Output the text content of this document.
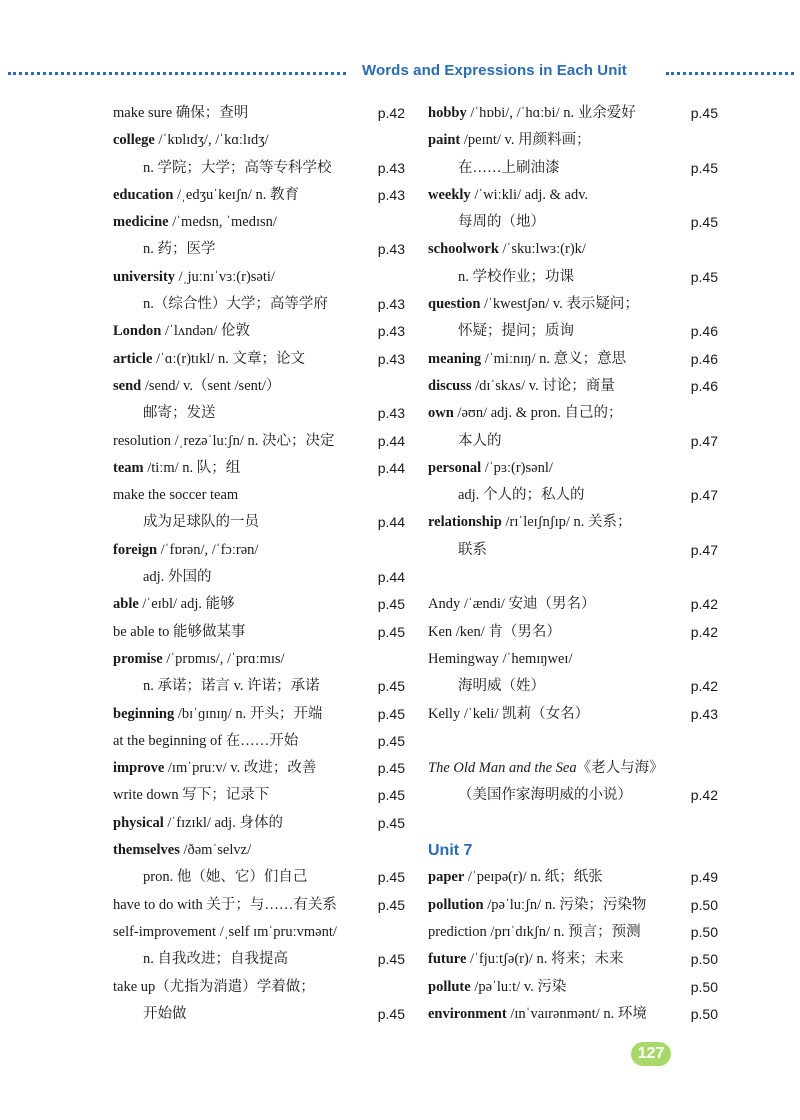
Words and Expressions in Each Unit
make sure 确保；查明	p.42
college /ˈkɒlɪdʒ/, /ˈkɑːlɪdʒ/
n. 学院；大学；高等专科学校	p.43
education /ˌedʒuˈkeɪʃn/ n. 教育	p.43
medicine /ˈmedsn, ˈmedɪsn/
n. 药；医学	p.43
university /ˌjuːnɪˈvɜː(r)səti/
n.（综合性）大学；高等学府	p.43
London /ˈlʌndən/ 伦敦	p.43
article /ˈɑː(r)tɪkl/ n. 文章；论文	p.43
send /send/ v.（sent /sent/）
邮寄；发送	p.43
resolution /ˌrezəˈluːʃn/ n. 决心；决定	p.44
team /tiːm/ n. 队；组	p.44
make the soccer team
成为足球队的一员	p.44
foreign /ˈfɒrən/, /ˈfɔːrən/
adj. 外国的	p.44
able /ˈeɪbl/ adj. 能够	p.45
be able to 能够做某事	p.45
promise /ˈprɒmɪs/, /ˈprɑːmɪs/
n. 承诺；诺言 v. 许诺；承诺	p.45
beginning /bɪˈɡɪnɪŋ/ n. 开头；开端	p.45
at the beginning of 在……开始	p.45
improve /ɪmˈpruːv/ v. 改进；改善	p.45
write down 写下；记录下	p.45
physical /ˈfɪzɪkl/ adj. 身体的	p.45
themselves /ðəmˈselvz/
pron. 他（她、它）们自己	p.45
have to do with 关于；与……有关系	p.45
self-improvement /ˌself ɪmˈpruːvmənt/
n. 自我改进；自我提高	p.45
take up（尤指为消遣）学着做；
开始做	p.45
hobby /ˈhɒbi/, /ˈhɑːbi/ n. 业余爱好	p.45
paint /peɪnt/ v. 用颜料画；
在……上刷油漆	p.45
weekly /ˈwiːkli/ adj. & adv.
每周的（地）	p.45
schoolwork /ˈskuːlwɜː(r)k/
n. 学校作业；功课	p.45
question /ˈkwestʃən/ v. 表示疑问；
怀疑；提问；质询	p.46
meaning /ˈmiːnɪŋ/ n. 意义；意思	p.46
discuss /dɪˈskʌs/ v. 讨论；商量	p.46
own /əʊn/ adj. & pron. 自己的；
本人的	p.47
personal /ˈpɜː(r)sənl/
adj. 个人的；私人的	p.47
relationship /rɪˈleɪʃnʃɪp/ n. 关系；
联系	p.47
Andy /ˈændi/ 安迪（男名）	p.42
Ken /ken/ 肯（男名）	p.42
Hemingway /ˈhemɪŋweɪ/
海明威（姓）	p.42
Kelly /ˈkeli/ 凯莉（女名）	p.43
The Old Man and the Sea《老人与海》
（美国作家海明威的小说）	p.42
Unit 7
paper /ˈpeɪpə(r)/ n. 纸；纸张	p.49
pollution /pəˈluːʃn/ n. 污染；污染物	p.50
prediction /prɪˈdɪkʃn/ n. 预言；预测	p.50
future /ˈfjuːtʃə(r)/ n. 将来；未来	p.50
pollute /pəˈluːt/ v. 污染	p.50
environment /ɪnˈvaɪrənmənt/ n. 环境	p.50
127
